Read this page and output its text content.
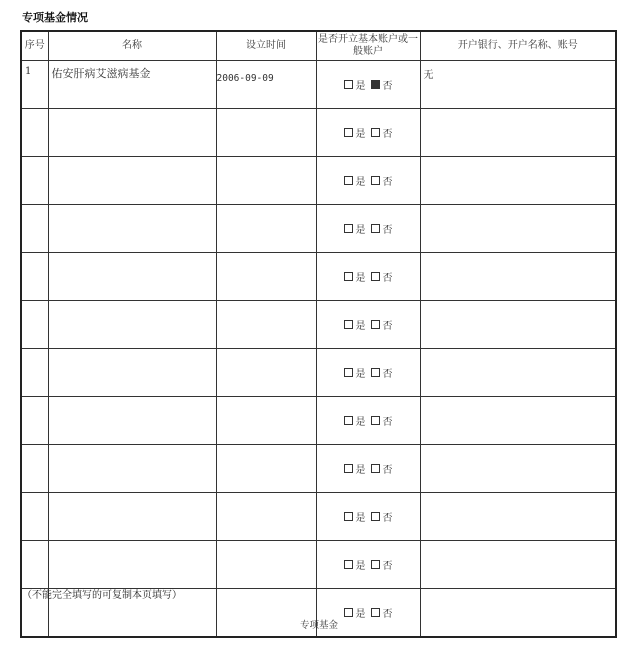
专项基金情况
序号	名称	设立时间	是否开立基本账户或一般账户	开户银行、开户名称、账号
1	佑安肝病艾滋病基金	2006-09-09	是 否	无

			是 否	

			是 否	

			是 否	

			是 否	

			是 否	

			是 否	

			是 否	

			是 否	

			是 否	

			是 否	

			是 否	

（不能完全填写的可复制本页填写）
专项基金
